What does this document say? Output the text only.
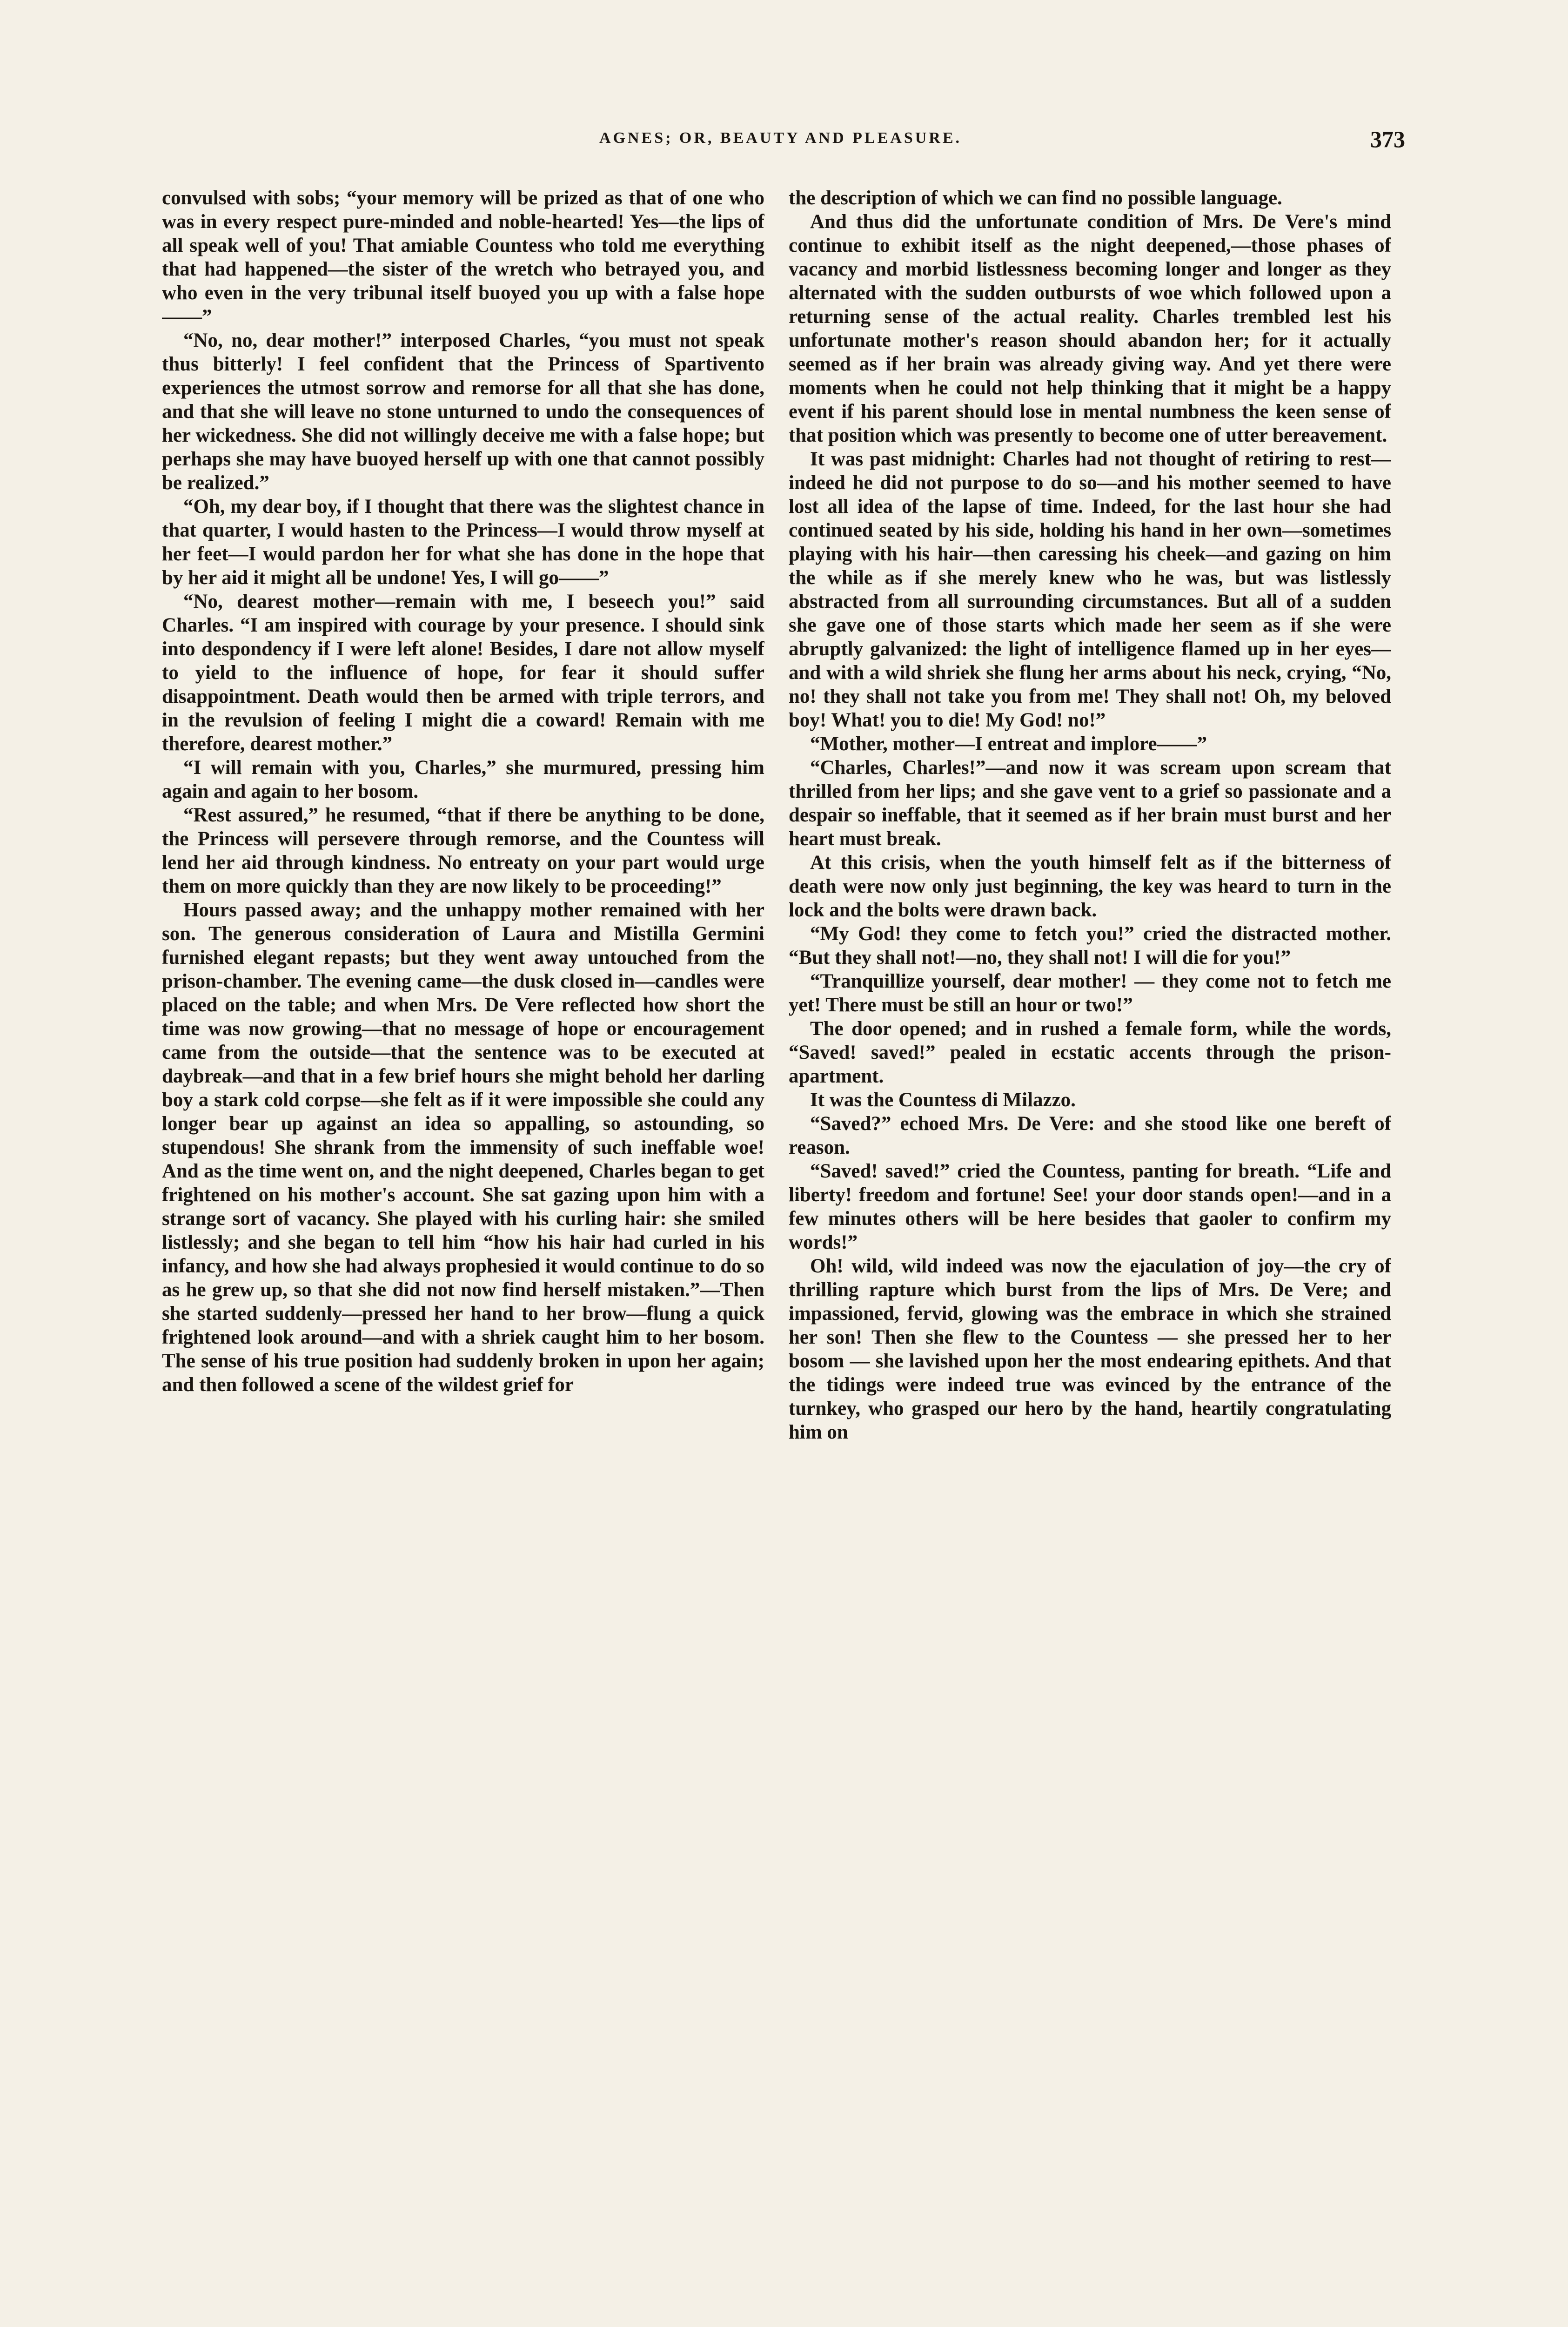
AGNES; OR, BEAUTY AND PLEASURE.	373

convulsed with sobs; “your memory will be prized as that of one who was in every respect pure-minded and noble-hearted! Yes—the lips of all speak well of you! That amiable Countess who told me everything that had happened—the sister of the wretch who betrayed you, and who even in the very tribunal itself buoyed you up with a false hope——”

“No, no, dear mother!” interposed Charles, “you must not speak thus bitterly! I feel confident that the Princess of Spartivento experiences the utmost sorrow and remorse for all that she has done, and that she will leave no stone unturned to undo the consequences of her wickedness. She did not willingly deceive me with a false hope; but perhaps she may have buoyed herself up with one that cannot possibly be realized.”

“Oh, my dear boy, if I thought that there was the slightest chance in that quarter, I would hasten to the Princess—I would throw myself at her feet—I would pardon her for what she has done in the hope that by her aid it might all be undone! Yes, I will go——”

“No, dearest mother—remain with me, I beseech you!” said Charles. “I am inspired with courage by your presence. I should sink into despondency if I were left alone! Besides, I dare not allow myself to yield to the influence of hope, for fear it should suffer disappointment. Death would then be armed with triple terrors, and in the revulsion of feeling I might die a coward! Remain with me therefore, dearest mother.”

“I will remain with you, Charles,” she murmured, pressing him again and again to her bosom.

“Rest assured,” he resumed, “that if there be anything to be done, the Princess will persevere through remorse, and the Countess will lend her aid through kindness. No entreaty on your part would urge them on more quickly than they are now likely to be proceeding!”

Hours passed away; and the unhappy mother remained with her son. The generous consideration of Laura and Mistilla Germini furnished elegant repasts; but they went away untouched from the prison-chamber. The evening came—the dusk closed in—candles were placed on the table; and when Mrs. De Vere reflected how short the time was now growing—that no message of hope or encouragement came from the outside—that the sentence was to be executed at daybreak—and that in a few brief hours she might behold her darling boy a stark cold corpse—she felt as if it were impossible she could any longer bear up against an idea so appalling, so astounding, so stupendous! She shrank from the immensity of such ineffable woe! And as the time went on, and the night deepened, Charles began to get frightened on his mother's account. She sat gazing upon him with a strange sort of vacancy. She played with his curling hair: she smiled listlessly; and she began to tell him “how his hair had curled in his infancy, and how she had always prophesied it would continue to do so as he grew up, so that she did not now find herself mistaken.”—Then she started suddenly—pressed her hand to her brow—flung a quick frightened look around—and with a shriek caught him to her bosom. The sense of his true position had suddenly broken in upon her again; and then followed a scene of the wildest grief for

the description of which we can find no possible language.

And thus did the unfortunate condition of Mrs. De Vere's mind continue to exhibit itself as the night deepened,—those phases of vacancy and morbid listlessness becoming longer and longer as they alternated with the sudden outbursts of woe which followed upon a returning sense of the actual reality. Charles trembled lest his unfortunate mother's reason should abandon her; for it actually seemed as if her brain was already giving way. And yet there were moments when he could not help thinking that it might be a happy event if his parent should lose in mental numbness the keen sense of that position which was presently to become one of utter bereavement.

It was past midnight: Charles had not thought of retiring to rest—indeed he did not purpose to do so—and his mother seemed to have lost all idea of the lapse of time. Indeed, for the last hour she had continued seated by his side, holding his hand in her own—sometimes playing with his hair—then caressing his cheek—and gazing on him the while as if she merely knew who he was, but was listlessly abstracted from all surrounding circumstances. But all of a sudden she gave one of those starts which made her seem as if she were abruptly galvanized: the light of intelligence flamed up in her eyes—and with a wild shriek she flung her arms about his neck, crying, “No, no! they shall not take you from me! They shall not! Oh, my beloved boy! What! you to die! My God! no!”

“Mother, mother—I entreat and implore——”

“Charles, Charles!”—and now it was scream upon scream that thrilled from her lips; and she gave vent to a grief so passionate and a despair so ineffable, that it seemed as if her brain must burst and her heart must break.

At this crisis, when the youth himself felt as if the bitterness of death were now only just beginning, the key was heard to turn in the lock and the bolts were drawn back.

“My God! they come to fetch you!” cried the distracted mother. “But they shall not!—no, they shall not! I will die for you!”

“Tranquillize yourself, dear mother! — they come not to fetch me yet! There must be still an hour or two!”

The door opened; and in rushed a female form, while the words, “Saved! saved!” pealed in ecstatic accents through the prison-apartment.

It was the Countess di Milazzo.

“Saved?” echoed Mrs. De Vere: and she stood like one bereft of reason.

“Saved! saved!” cried the Countess, panting for breath. “Life and liberty! freedom and fortune! See! your door stands open!—and in a few minutes others will be here besides that gaoler to confirm my words!”

Oh! wild, wild indeed was now the ejaculation of joy—the cry of thrilling rapture which burst from the lips of Mrs. De Vere; and impassioned, fervid, glowing was the embrace in which she strained her son! Then she flew to the Countess — she pressed her to her bosom — she lavished upon her the most endearing epithets. And that the tidings were indeed true was evinced by the entrance of the turnkey, who grasped our hero by the hand, heartily congratulating him on
